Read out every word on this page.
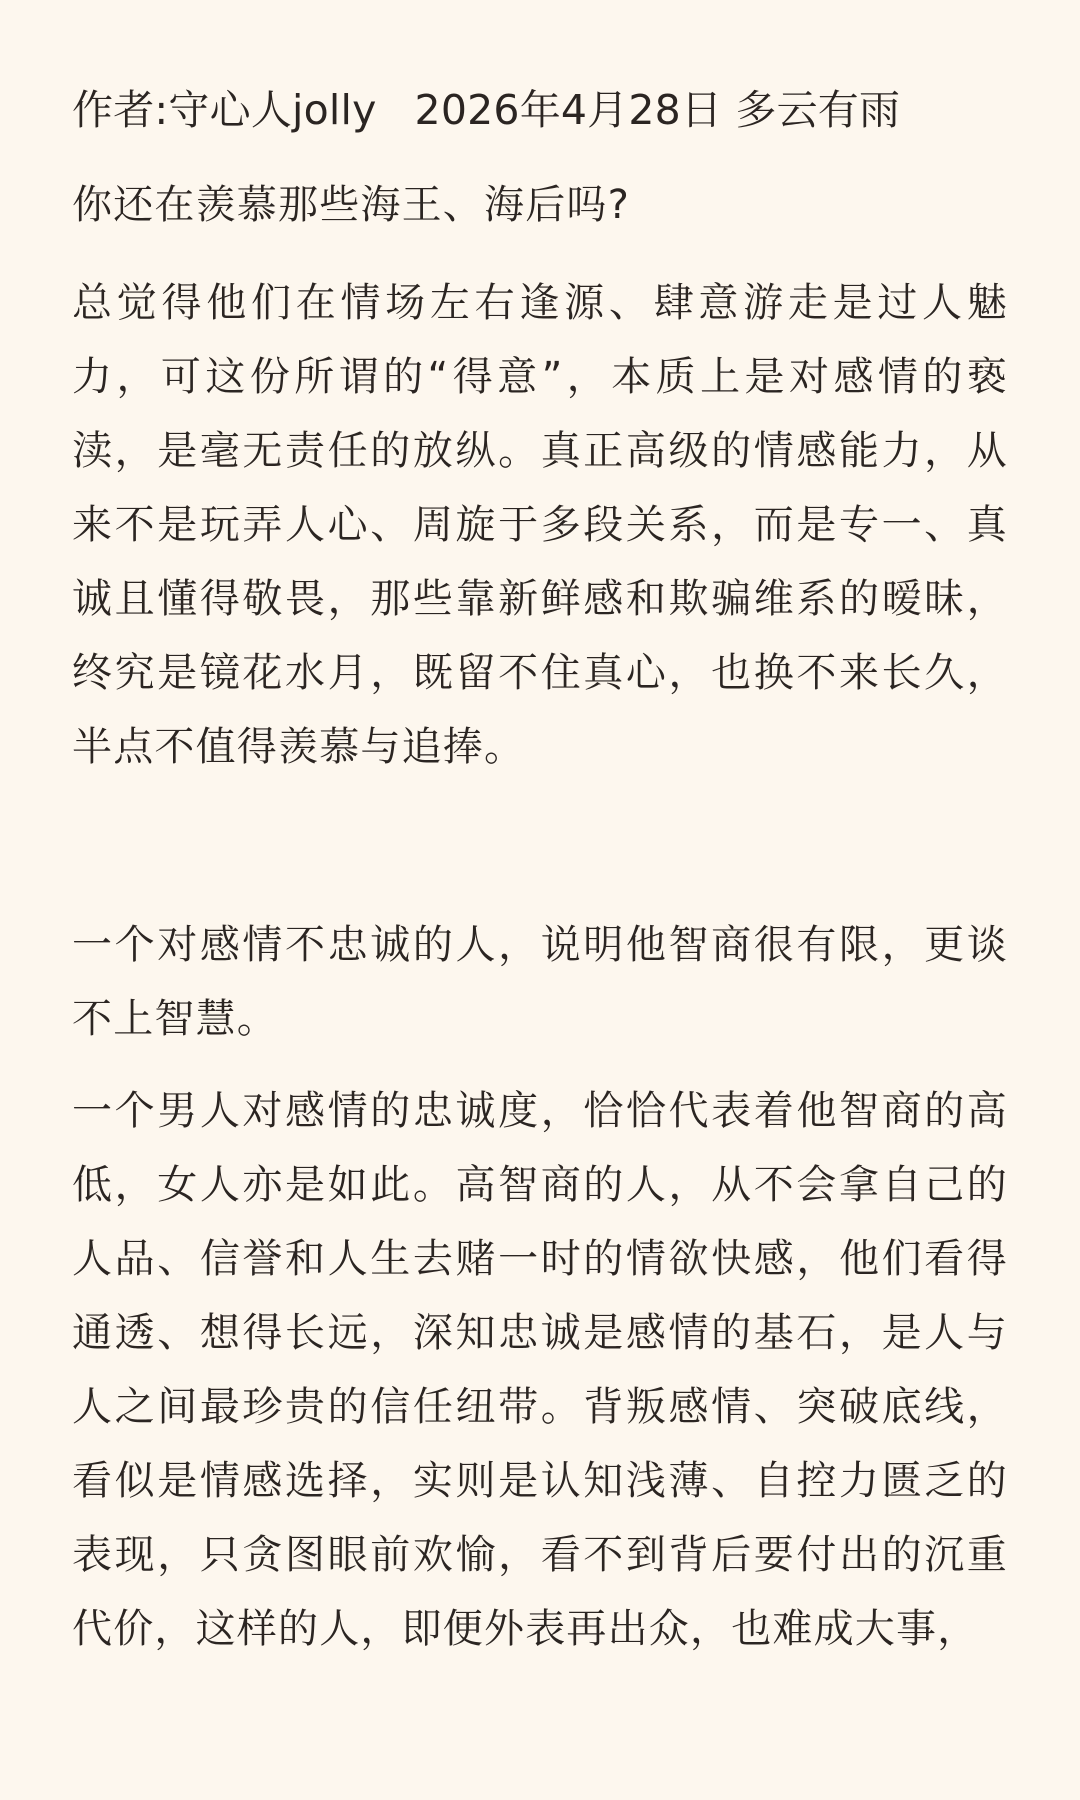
作者:守心人jolly 2026年4月28日 多云有雨
你还在羡慕那些海王、海后吗?
总觉得他们在情场左右逢源、肆意游走是过人魅力，可这份所谓的“得意”，本质上是对感情的亵渎，是毫无责任的放纵。真正高级的情感能力，从来不是玩弄人心、周旋于多段关系，而是专一、真诚且懂得敬畏，那些靠新鲜感和欺骗维系的暧昧，终究是镜花水月，既留不住真心，也换不来长久，半点不值得羡慕与追捧。
一个对感情不忠诚的人，说明他智商很有限，更谈不上智慧。
一个男人对感情的忠诚度，恰恰代表着他智商的高低，女人亦是如此。高智商的人，从不会拿自己的人品、信誉和人生去赌一时的情欲快感，他们看得通透、想得长远，深知忠诚是感情的基石，是人与人之间最珍贵的信任纽带。背叛感情、突破底线，看似是情感选择，实则是认知浅薄、自控力匮乏的表现，只贪图眼前欢愉，看不到背后要付出的沉重代价，这样的人，即便外表再出众，也难成大事，
